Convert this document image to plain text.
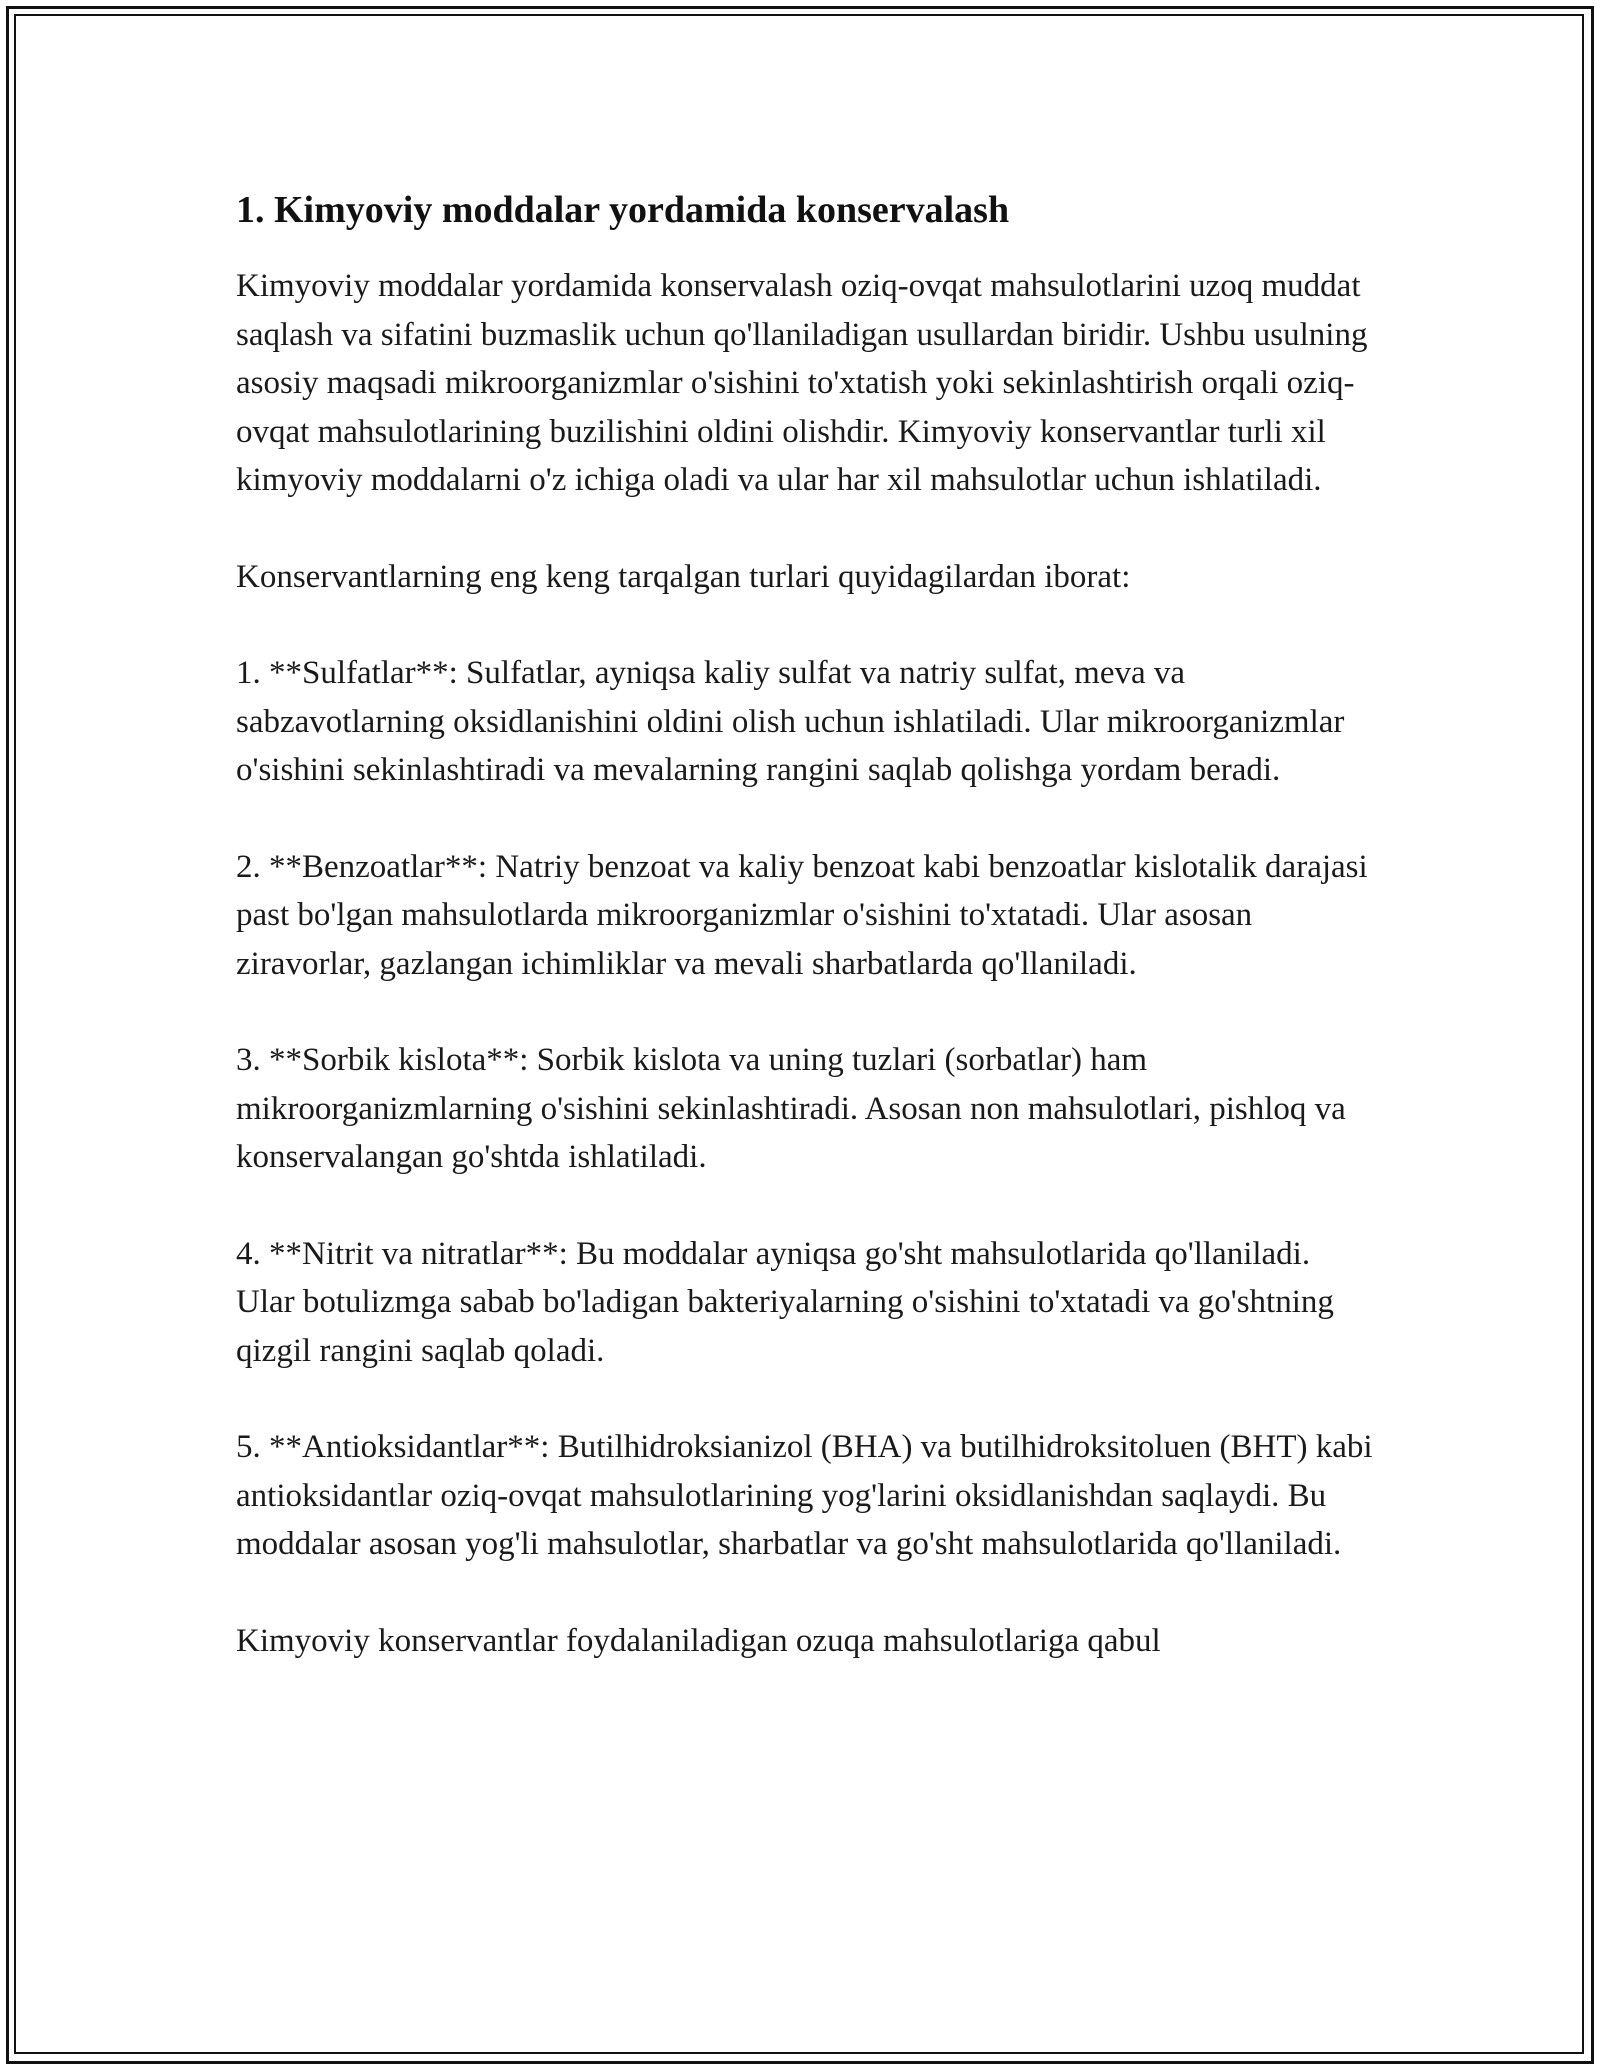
1. Kimyoviy moddalar yordamida konservalash

Kimyoviy moddalar yordamida konservalash oziq-ovqat mahsulotlarini uzoq muddat saqlash va sifatini buzmaslik uchun qo'llaniladigan usullardan biridir. Ushbu usulning asosiy maqsadi mikroorganizmlar o'sishini to'xtatish yoki sekinlashtirish orqali oziq-ovqat mahsulotlarining buzilishini oldini olishdir. Kimyoviy konservantlar turli xil kimyoviy moddalarni o'z ichiga oladi va ular har xil mahsulotlar uchun ishlatiladi.

Konservantlarning eng keng tarqalgan turlari quyidagilardan iborat:

1. **Sulfatlar**: Sulfatlar, ayniqsa kaliy sulfat va natriy sulfat, meva va sabzavotlarning oksidlanishini oldini olish uchun ishlatiladi. Ular mikroorganizmlar o'sishini sekinlashtiradi va mevalarning rangini saqlab qolishga yordam beradi.

2. **Benzoatlar**: Natriy benzoat va kaliy benzoat kabi benzoatlar kislotalik darajasi past bo'lgan mahsulotlarda mikroorganizmlar o'sishini to'xtatadi. Ular asosan ziravorlar, gazlangan ichimliklar va mevali sharbatlarda qo'llaniladi.

3. **Sorbik kislota**: Sorbik kislota va uning tuzlari (sorbatlar) ham mikroorganizmlarning o'sishini sekinlashtiradi. Asosan non mahsulotlari, pishloq va konservalangan go'shtda ishlatiladi.

4. **Nitrit va nitratlar**: Bu moddalar ayniqsa go'sht mahsulotlarida qo'llaniladi. Ular botulizmga sabab bo'ladigan bakteriyalarning o'sishini to'xtatadi va go'shtning qizgil rangini saqlab qoladi.

5. **Antioksidantlar**: Butilhidroksianizol (BHA) va butilhidroksitoluen (BHT) kabi antioksidantlar oziq-ovqat mahsulotlarining yog'larini oksidlanishdan saqlaydi. Bu moddalar asosan yog'li mahsulotlar, sharbatlar va go'sht mahsulotlarida qo'llaniladi.

Kimyoviy konservantlar foydalaniladigan ozuqa mahsulotlariga qabul
